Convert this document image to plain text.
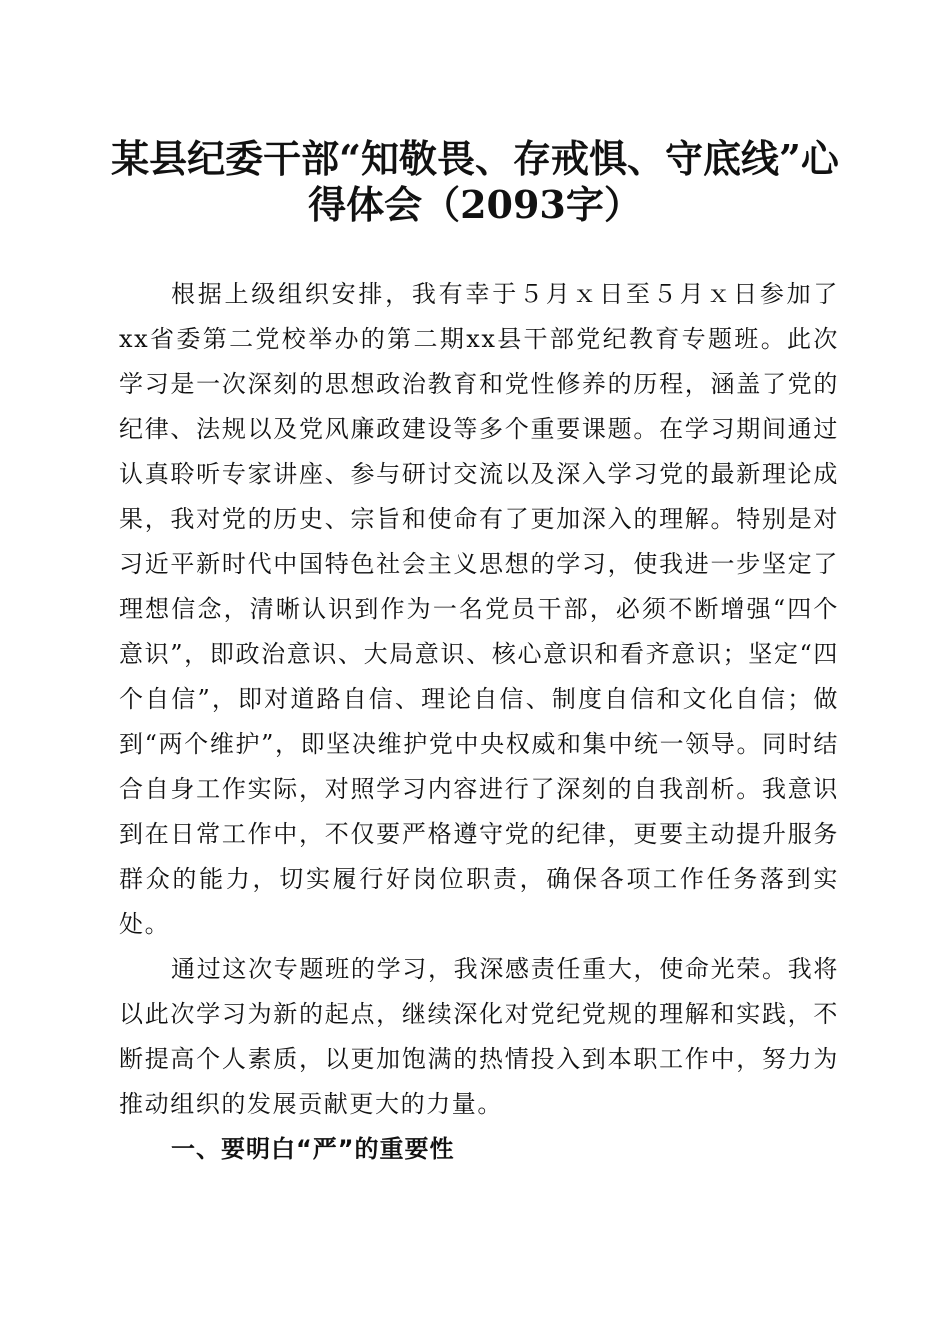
某县纪委干部“知敬畏、存戒惧、守底线”心
得体会（2093字）

根据上级组织安排，我有幸于５月ｘ日至５月ｘ日参加了xx省委第二党校举办的第二期xx县干部党纪教育专题班。此次学习是一次深刻的思想政治教育和党性修养的历程，涵盖了党的纪律、法规以及党风廉政建设等多个重要课题。在学习期间通过认真聆听专家讲座、参与研讨交流以及深入学习党的最新理论成果，我对党的历史、宗旨和使命有了更加深入的理解。特别是对习近平新时代中国特色社会主义思想的学习，使我进一步坚定了理想信念，清晰认识到作为一名党员干部，必须不断增强“四个意识”，即政治意识、大局意识、核心意识和看齐意识；坚定“四个自信”，即对道路自信、理论自信、制度自信和文化自信；做到“两个维护”，即坚决维护党中央权威和集中统一领导。同时结合自身工作实际，对照学习内容进行了深刻的自我剖析。我意识到在日常工作中，不仅要严格遵守党的纪律，更要主动提升服务群众的能力，切实履行好岗位职责，确保各项工作任务落到实处。

通过这次专题班的学习，我深感责任重大，使命光荣。我将以此次学习为新的起点，继续深化对党纪党规的理解和实践，不断提高个人素质，以更加饱满的热情投入到本职工作中，努力为推动组织的发展贡献更大的力量。

一、要明白“严”的重要性
